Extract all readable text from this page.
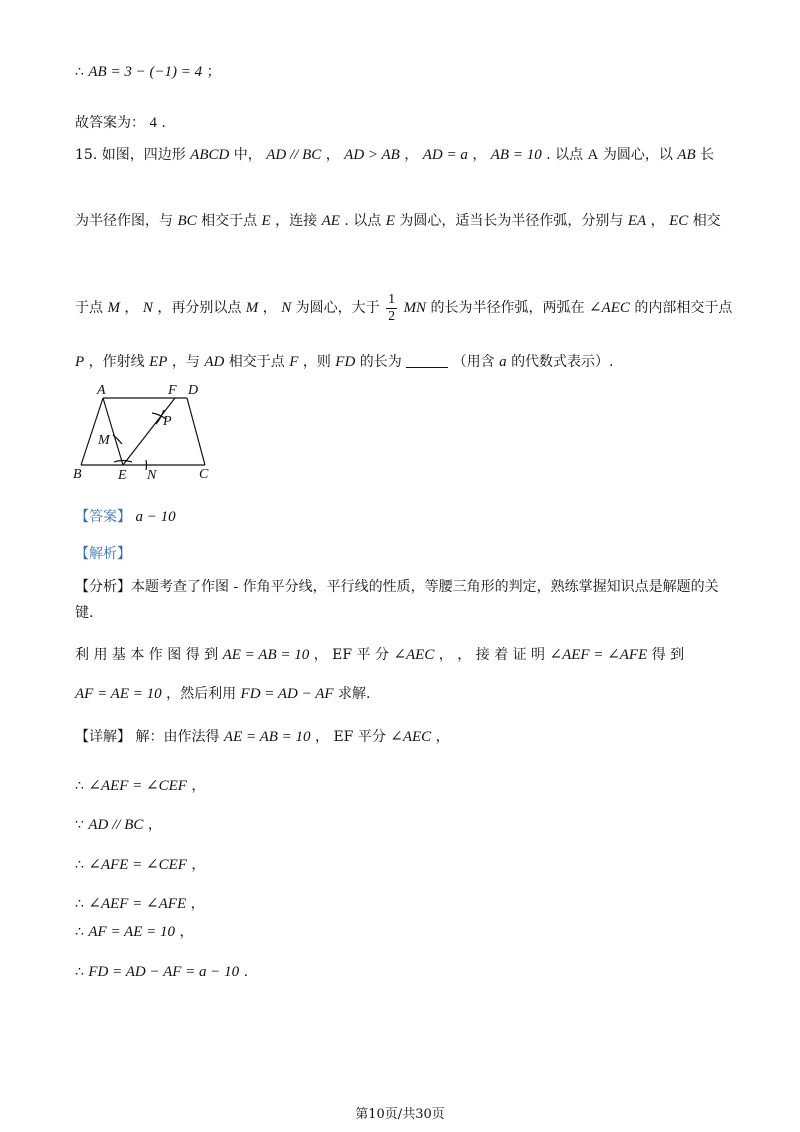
∴ AB = 3 − (−1) = 4 ；
故答案为： 4 .
15. 如图，四边形 ABCD 中， AD // BC ， AD > AB ， AD = a ， AB = 10 . 以点 A 为圆心，以 AB 长
为半径作图，与 BC 相交于点 E ，连接 AE . 以点 E 为圆心，适当长为半径作弧，分别与 EA ， EC 相交
于点 M ， N ，再分别以点 M ， N 为圆心，大于 $\frac{1}{2}$ MN 的长为半径作弧，两弧在 ∠AEC 的内部相交于点
P ，作射线 EP ，与 AD 相交于点 F ，则 FD 的长为	（用含 a 的代数式表示）.
A	F D
P
M
B	E N	C
【答案】 a − 10
【解析】
【分析】本题考查了作图 - 作角平分线，平行线的性质，等腰三角形的判定，熟练掌握知识点是解题的关
键.
利 用 基 本 作 图 得 到 AE = AB = 10 ， EF 平 分 ∠AEC ， ， 接 着 证 明 ∠AEF = ∠AFE 得 到
AF = AE = 10 ，然后利用 FD = AD − AF 求解.
【详解】 解：由作法得 AE = AB = 10 ， EF 平分 ∠AEC ，
∴ ∠AEF = ∠CEF ，
∵ AD // BC ，
∴ ∠AFE = ∠CEF ，
∴ ∠AEF = ∠AFE ，
∴ AF = AE = 10 ，
∴ FD = AD − AF = a − 10 .
第10页/共30页
